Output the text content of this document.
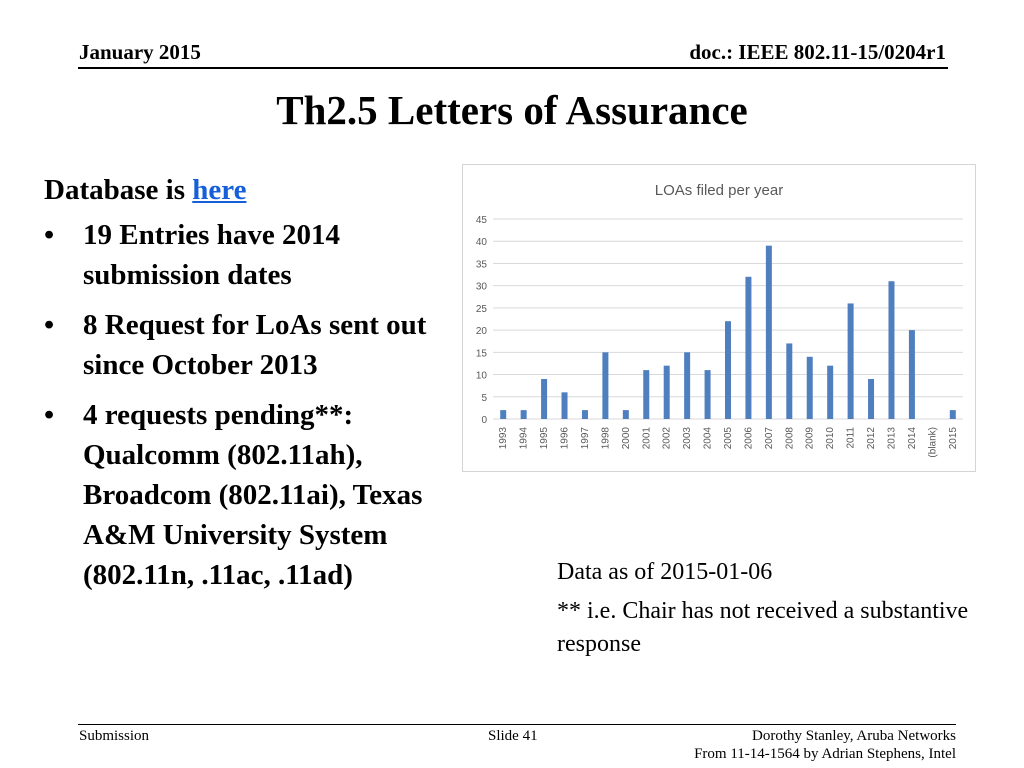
January 2015	doc.: IEEE 802.11-15/0204r1
Th2.5 Letters of Assurance

Database is here

• 19 Entries have 2014 submission dates
• 8 Request for LoAs sent out since October 2013
• 4 requests pending**: Qualcomm (802.11ah), Broadcom (802.11ai), Texas A&M University System (802.11n, .11ac, .11ad)
LOAs filed per year
0
5
10
15
20
25
30
35
40
45
1993 1994 1995 1996 1997 1998 2000 2001 2002 2003 2004 2005 2006 2007 2008 2009 2010 2011 2012 2013 2014 (blank) 2015

Data as of 2015-01-06

** i.e. Chair has not received a substantive response

Submission	Slide 41	Dorothy Stanley, Aruba Networks
From 11-14-1564 by Adrian Stephens, Intel
